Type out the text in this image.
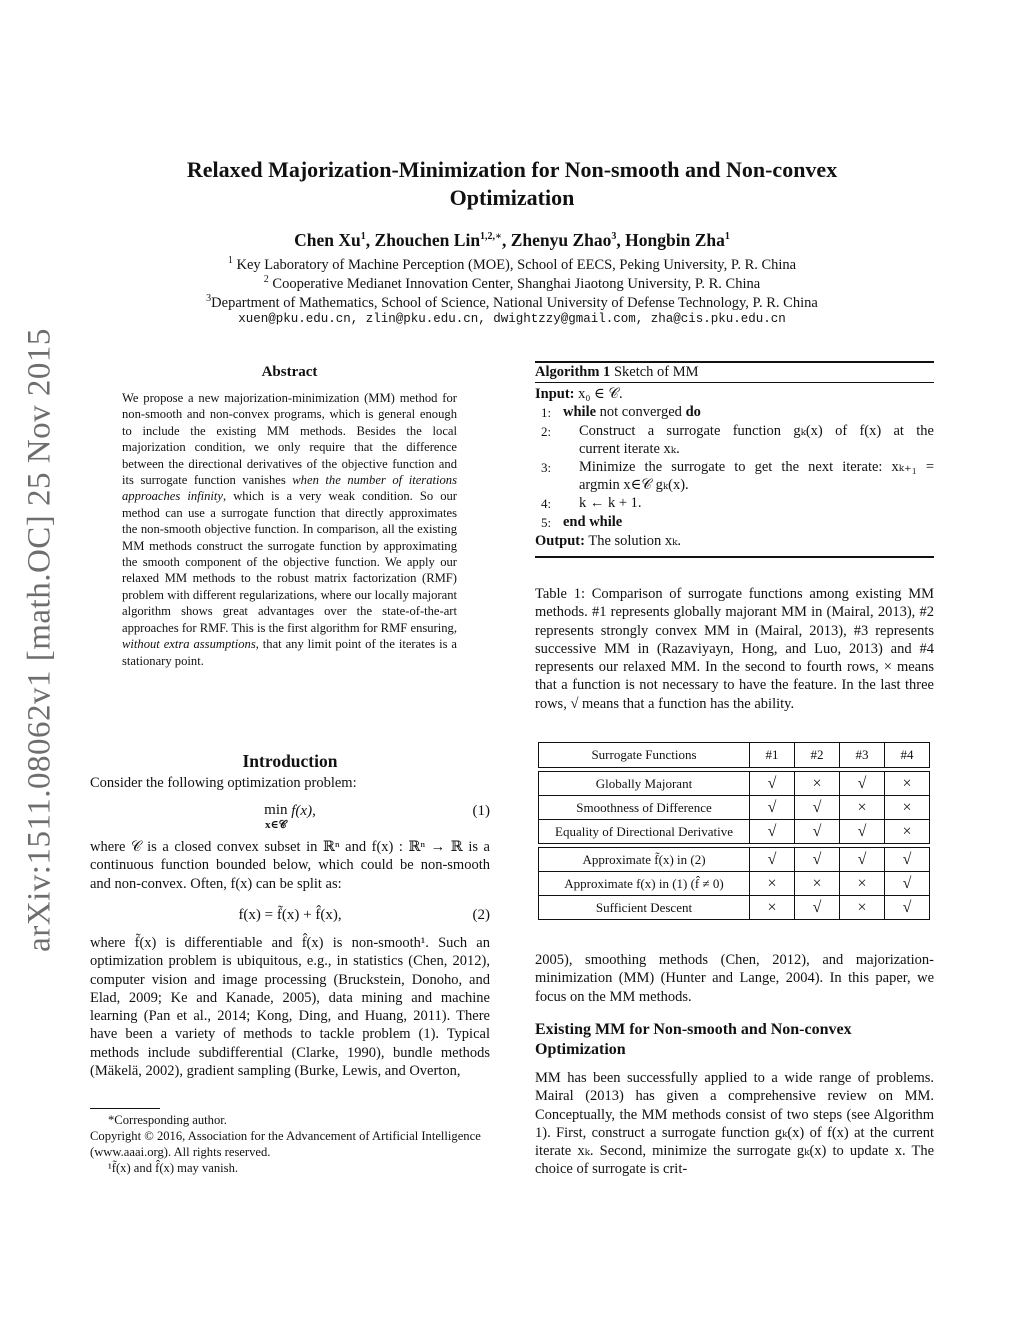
arXiv:1511.08062v1 [math.OC] 25 Nov 2015
Relaxed Majorization-Minimization for Non-smooth and Non-convex
Optimization
Chen Xu$^1$, Zhouchen Lin$^{1,2,∗}$, Zhenyu Zhao$^3$, Hongbin Zha$^1$
$^1$ Key Laboratory of Machine Perception (MOE), School of EECS, Peking University, P. R. China
$^2$ Cooperative Medianet Innovation Center, Shanghai Jiaotong University, P. R. China
$^3$Department of Mathematics, School of Science, National University of Defense Technology, P. R. China
xuen@pku.edu.cn, zlin@pku.edu.cn, dwightzzy@gmail.com, zha@cis.pku.edu.cn
Abstract
We propose a new majorization-minimization (MM) method for non-smooth and non-convex programs, which is general enough to include the existing MM methods. Besides the local majorization condition, we only require that the difference between the directional derivatives of the objective function and its surrogate function vanishes when the number of iterations approaches infinity, which is a very weak condition. So our method can use a surrogate function that directly approximates the non-smooth objective function. In comparison, all the existing MM methods construct the surrogate function by approximating the smooth component of the objective function. We apply our relaxed MM methods to the robust matrix factorization (RMF) problem with different regularizations, where our locally majorant algorithm shows great advantages over the state-of-the-art approaches for RMF. This is the first algorithm for RMF ensuring, without extra assumptions, that any limit point of the iterates is a stationary point.
Introduction
Consider the following optimization problem:
min
x∈𝒞 f(x),	(1)
where 𝒞 is a closed convex subset in ℝⁿ and f(x) : ℝⁿ → ℝ is a continuous function bounded below, which could be non-smooth and non-convex. Often, f(x) can be split as:
f(x) = f̃(x) + f̂(x),	(2)
where f̃(x) is differentiable and f̂(x) is non-smooth¹. Such an optimization problem is ubiquitous, e.g., in statistics (Chen, 2012), computer vision and image processing (Bruckstein, Donoho, and Elad, 2009; Ke and Kanade, 2005), data mining and machine learning (Pan et al., 2014; Kong, Ding, and Huang, 2011). There have been a variety of methods to tackle problem (1). Typical methods include subdifferential (Clarke, 1990), bundle methods (Mäkelä, 2002), gradient sampling (Burke, Lewis, and Overton,
*Corresponding author.
Copyright © 2016, Association for the Advancement of Artificial Intelligence (www.aaai.org). All rights reserved.
¹f̃(x) and f̂(x) may vanish.
Algorithm 1 Sketch of MM
Input: x₀ ∈ 𝒞.
1: while not converged do
2: Construct a surrogate function gₖ(x) of f(x) at the
current iterate xₖ.
3: Minimize the surrogate to get the next iterate: xₖ₊₁ =
argmin x∈𝒞 gₖ(x).
4: k ← k + 1.
5: end while
Output: The solution xₖ.
Table 1: Comparison of surrogate functions among existing MM methods. #1 represents globally majorant MM in (Mairal, 2013), #2 represents strongly convex MM in (Mairal, 2013), #3 represents successive MM in (Razaviyayn, Hong, and Luo, 2013) and #4 represents our relaxed MM. In the second to fourth rows, × means that a function is not necessary to have the feature. In the last three rows, √ means that a function has the ability.
Surrogate Functions	#1	#2	#3	#4

Globally Majorant	√	×	√	×
Smoothness of Difference	√	√	×	×
Equality of Directional Derivative	√	√	√	×

Approximate f̃(x) in (2)	√	√	√	√
Approximate f(x) in (1) (f̂ ≠ 0)	×	×	×	√
Sufficient Descent	×	√	×	√
2005), smoothing methods (Chen, 2012), and majorization-minimization (MM) (Hunter and Lange, 2004). In this paper, we focus on the MM methods.
Existing MM for Non-smooth and Non-convex Optimization
MM has been successfully applied to a wide range of problems. Mairal (2013) has given a comprehensive review on MM. Conceptually, the MM methods consist of two steps (see Algorithm 1). First, construct a surrogate function gₖ(x) of f(x) at the current iterate xₖ. Second, minimize the surrogate gₖ(x) to update x. The choice of surrogate is crit-
